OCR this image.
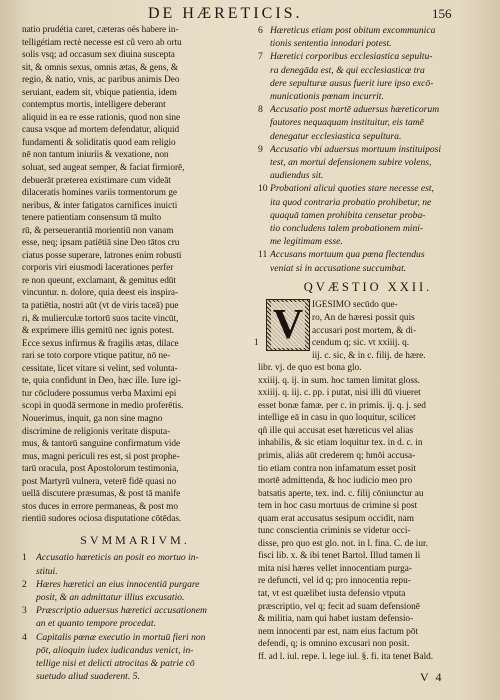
DE HÆRETICIS.	156
natio prudétia caret, cæteras oës habere in-
telligétiam rectè necesse est cũ vero ab ortu
solis vsq; ad occasum sex diuina suscepta
sit, & omnis sexus, omnis ætas, & gens, &
regio, & natio, vnis, ac paribus animis Deo
seruiant, eadem sit, vbique patientia, idem
contemptus mortis, intelligere deberant
aliquid in ea re esse rationis, quod non sine
causa vsque ad mortem defendatur, aliquid
fundamenti & soliditatis quod eam religio
nē non tantum iniuriis & vexatione, non
soluat, sed augeat semper, & faciat firmiorē,
debuerāt præterea existimare cum videāt
dilaceratis homines variis tormentorum ge
neribus, & inter fatigatos carnifices inuicti
tenere patientiam consensum tā multo
rū, & perseuerantiā morientiū non vanam
esse, neq; ipsam patiētiā sine Deo tātos cru
ciatus posse superare, latrones enim robusti
corporis viri eiusmodi lacerationes perfer
re non queunt, exclamant, & gemitus edūt
vincuntur. n. dolore, quia deest eis inspira-
ta patiētia, nostri aūt (vt de viris taceā) pue
ri, & mulierculæ tortorū suos tacite vincūt,
& exprimere illis gemitū nec ignis potest.
Ecce sexus infirmus & fragilis ætas, dilace
rari se toto corpore vtique patitur, nō ne-
cessitate, licet vitare si velint, sed volunta-
te, quia confidunt in Deo, hæc ille. Iure igi-
tur cōcludere possumus verba Maximi epi
scopi in quodā sermone in medio proferētis.
Nouerimus, inquit, ga non sine magno
discrimine de religionis veritate disputa-
mus, & tantorū sanguine confirmatum vide
mus, magni periculi res est, si post prophe-
tarū oracula, post Apostolorum testimonia,
post Martyrū vulnera, veterē fidē quasi no
uellā discutere præsumas, & post tā manife
stos duces in errore permaneas, & post mo
rientiū sudores ociosa disputatione cōtēdas.
SVMMARIVM.
1 Accusatio hæreticis an posit eo mortuo in-
stitui.
2 Hæres hæretici an eius innocentiā purgare
posit, & an admittatur illius excusatio.
3 Præscriptio aduersus hæretici accusationem
an et quanto tempore procedat.
4 Capitalis pœnæ executio in mortuū fieri non
pōt, alioquin iudex iudicandus venict, in-
tellige nisi et delicti atrocitas & patrie cō
suetudo aliud suaderent. 5.
6 Hæreticus etiam post obitum excommunica
tionis sententia innodari potest.
7 Hæretici corporibus ecclesiastica sepultu-
ra denegāda est, & qui ecclesiasticæ tra
dere sepulturæ ausus fuerit iure ipso excō-
municationis pœnam incurrit.
8 Accusatio post mortē aduersus hæreticorum
fautores nequaquam instituitur, eis tamē
denegatur ecclesiastica sepultura.
9 Accusatio vbi aduersus mortuum instituiposi
test, an mortui defensionem subire volens,
audiendus sit.
10 Probationi alicui quoties stare necesse est,
ita quod contraria probatio prohibetur, ne
quaquā tamen prohibita censetur proba-
tio concludens talem probationem mini-
me legitimam esse.
11 Accusans mortuum qua pœna flectendus
veniat si in accusatione succumbat.
QVÆSTIO XXII.
1 V IGESIMO secūdo que-
ro, An de hæresi possit quis
accusari post mortem, & di-
cendum q; sic. vt xxiiij. q.
iij. c. sic, & in c. filij. de hære.
libr. vj. de quo est bona glo.
xxiiij. q. ij. in sum. hoc tamen limitat gloss.
xxiiij. q. iij. c. pp. i putat, nisi illi dū viueret
esset bonæ famæ. per c. in primis. ij. q. j. sed
intellige eā in casu in quo loquitur, scilicet
qñ ille qui accusat eset hæreticus vel alias
inhabilis, & sic etiam loquitur tex. in d. c. in
primis, aliás aūt crederem q; hmōi accusa-
tio etiam contra non infamatum esset posit
mortē admittenda, & hoc iudicio meo pro
batsatis aperte, tex. ind. c. filij cōniunctur au
tem in hoc casu mortuus de crimine si post
quam erat accusatus sesipum occidit, nam
tunc conscientia criminis se videtur occi-
disse, pro quo est glo. not. in l. fina. C. de iur.
fisci lib. x. & ibi tenet Bartol. Illud tamen li
mita nisi hæres vellet innocentiam purga-
re defuncti, vel id q; pro innocentia repu-
tat, vt est quælibet iusta defensio vtputa
præscriptio, vel q; fecit ad suam defensionē
& militia, nam qui habet iustam defensio-
nem innocenti par est, nam eius factum pōt
defendi, q; is omnino excusari non posit.
ff. ad l. iul. repe. l. lege iul. §. fi. ita tenet Bald.
V 4
